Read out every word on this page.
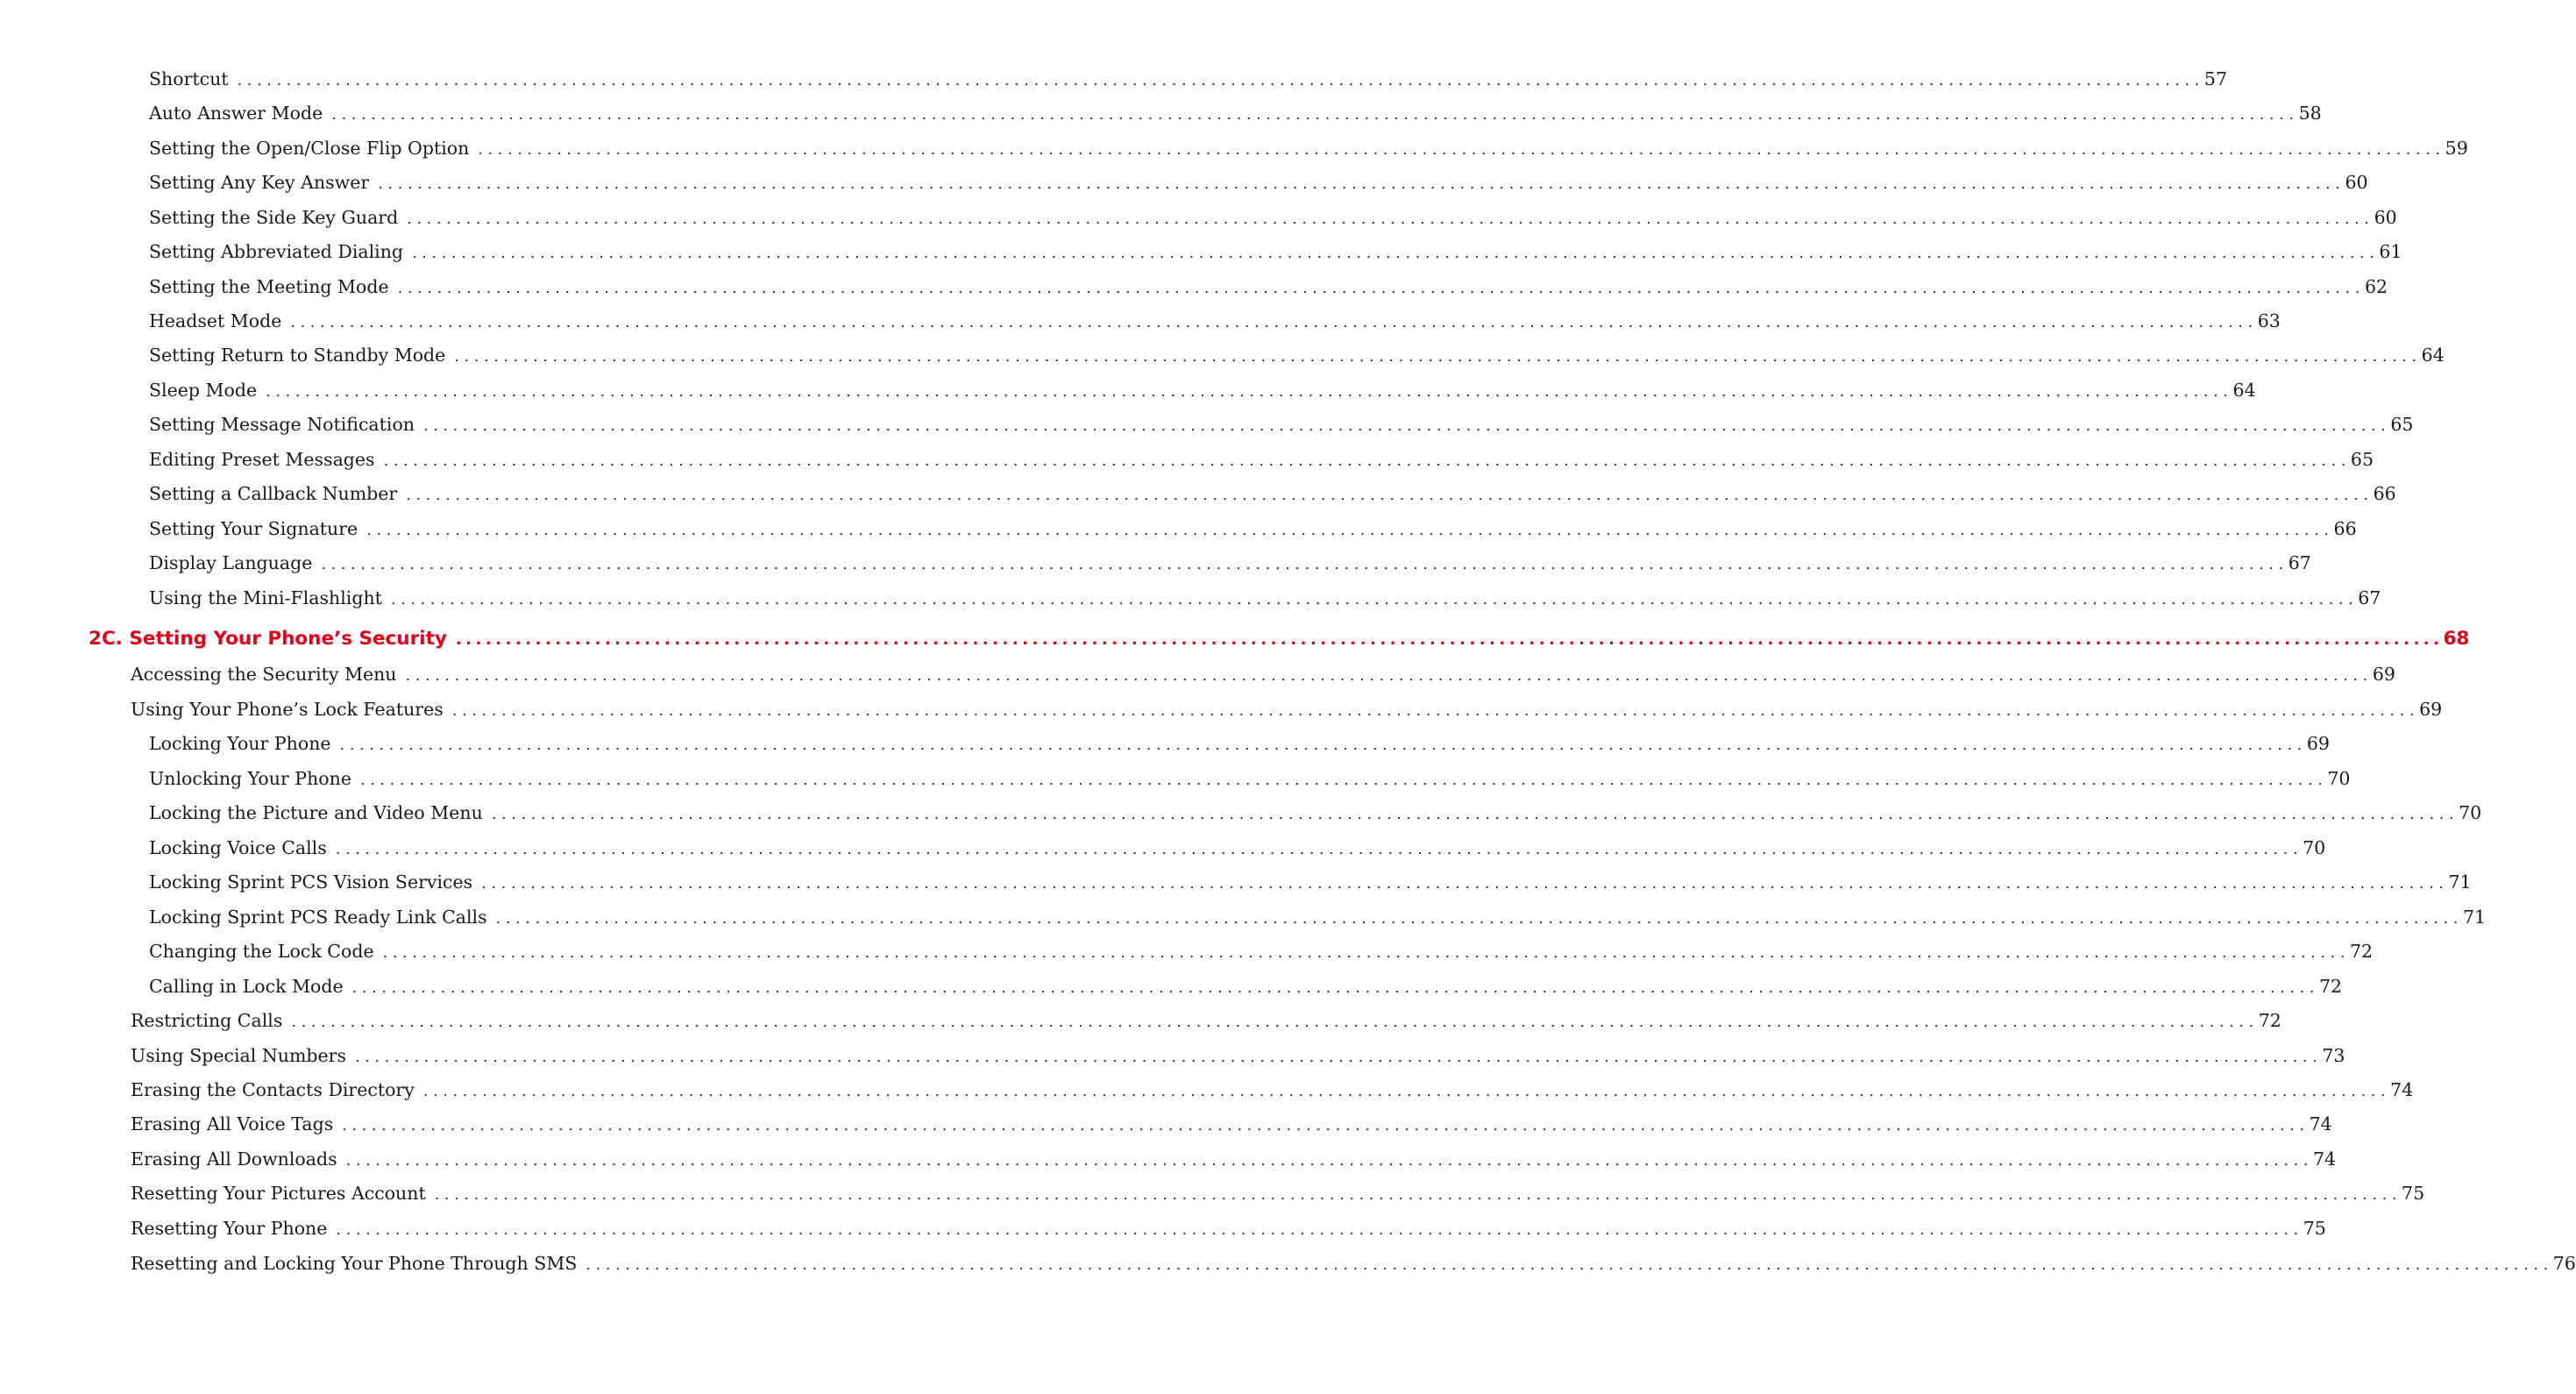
Shortcut ........................................................................................................................................................................................................ 57
Auto Answer Mode ........................................................................................................................................................................................................ 58
Setting the Open/Close Flip Option ........................................................................................................................................................................................................ 59
Setting Any Key Answer ........................................................................................................................................................................................................ 60
Setting the Side Key Guard ........................................................................................................................................................................................................ 60
Setting Abbreviated Dialing ........................................................................................................................................................................................................ 61
Setting the Meeting Mode ........................................................................................................................................................................................................ 62
Headset Mode ........................................................................................................................................................................................................ 63
Setting Return to Standby Mode ........................................................................................................................................................................................................ 64
Sleep Mode ........................................................................................................................................................................................................ 64
Setting Message Notification ........................................................................................................................................................................................................ 65
Editing Preset Messages ........................................................................................................................................................................................................ 65
Setting a Callback Number ........................................................................................................................................................................................................ 66
Setting Your Signature ........................................................................................................................................................................................................ 66
Display Language ........................................................................................................................................................................................................ 67
Using the Mini-Flashlight ........................................................................................................................................................................................................ 67
2C. Setting Your Phone’s Security ........................................................................................................................................................................................................ 68
Accessing the Security Menu ........................................................................................................................................................................................................ 69
Using Your Phone’s Lock Features ........................................................................................................................................................................................................ 69
Locking Your Phone ........................................................................................................................................................................................................ 69
Unlocking Your Phone ........................................................................................................................................................................................................ 70
Locking the Picture and Video Menu ........................................................................................................................................................................................................ 70
Locking Voice Calls ........................................................................................................................................................................................................ 70
Locking Sprint PCS Vision Services ........................................................................................................................................................................................................ 71
Locking Sprint PCS Ready Link Calls ........................................................................................................................................................................................................ 71
Changing the Lock Code ........................................................................................................................................................................................................ 72
Calling in Lock Mode ........................................................................................................................................................................................................ 72
Restricting Calls ........................................................................................................................................................................................................ 72
Using Special Numbers ........................................................................................................................................................................................................ 73
Erasing the Contacts Directory ........................................................................................................................................................................................................ 74
Erasing All Voice Tags ........................................................................................................................................................................................................ 74
Erasing All Downloads ........................................................................................................................................................................................................ 74
Resetting Your Pictures Account ........................................................................................................................................................................................................ 75
Resetting Your Phone ........................................................................................................................................................................................................ 75
Resetting and Locking Your Phone Through SMS ........................................................................................................................................................................................................ 76
